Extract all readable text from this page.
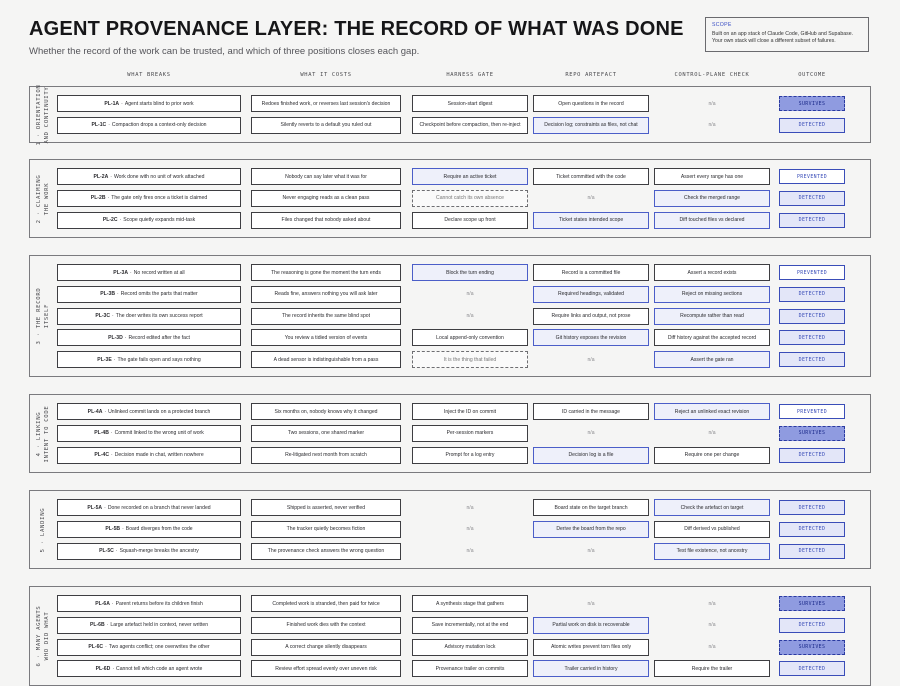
AGENT PROVENANCE LAYER: THE RECORD OF WHAT WAS DONE
Whether the record of the work can be trusted, and which of three positions closes each gap.
SCOPE
Built on an app stack of Claude Code, GitHub and Supabase.
Your own stack will close a different subset of failures.
WHAT BREAKS	WHAT IT COSTS	HARNESS GATE	REPO ARTEFACT	CONTROL-PLANE CHECK	OUTCOME
1 · ORIENTATION
AND CONTINUITY
2 · CLAIMING
THE WORK
3 · THE RECORD
ITSELF
4 · LINKING
INTENT TO CODE
5 · LANDING
6 · MANY AGENTS
WHO DID WHAT
PL-1A · Agent starts blind to prior work	Redoes finished work, or reverses last session's decision	Session-start digest	Open questions in the record	n/a	SURVIVES
PL-1C · Compaction drops a context-only decision	Silently reverts to a default you ruled out	Checkpoint before compaction, then re-inject	Decision log; constraints as files, not chat	n/a	DETECTED
PL-2A · Work done with no unit of work attached	Nobody can say later what it was for	Require an active ticket	Ticket committed with the code	Assert every range has one	PREVENTED
PL-2B · The gate only fires once a ticket is claimed	Never engaging reads as a clean pass	Cannot catch its own absence	n/a	Check the merged range	DETECTED
PL-2C · Scope quietly expands mid-task	Files changed that nobody asked about	Declare scope up front	Ticket states intended scope	Diff touched files vs declared	DETECTED
PL-3A · No record written at all	The reasoning is gone the moment the turn ends	Block the turn ending	Record is a committed file	Assert a record exists	PREVENTED
PL-3B · Record omits the parts that matter	Reads fine, answers nothing you will ask later	n/a	Required headings, validated	Reject on missing sections	DETECTED
PL-3C · The doer writes its own success report	The record inherits the same blind spot	n/a	Require links and output, not prose	Recompute rather than read	DETECTED
PL-3D · Record edited after the fact	You review a tidied version of events	Local append-only convention	Git history exposes the revision	Diff history against the accepted record	DETECTED
PL-3E · The gate fails open and says nothing	A dead sensor is indistinguishable from a pass	It is the thing that failed	n/a	Assert the gate ran	DETECTED
PL-4A · Unlinked commit lands on a protected branch	Six months on, nobody knows why it changed	Inject the ID on commit	ID carried in the message	Reject an unlinked exact revision	PREVENTED
PL-4B · Commit linked to the wrong unit of work	Two sessions, one shared marker	Per-session markers	n/a	n/a	SURVIVES
PL-4C · Decision made in chat, written nowhere	Re-litigated next month from scratch	Prompt for a log entry	Decision log is a file	Require one per change	DETECTED
PL-5A · Done recorded on a branch that never landed	Shipped is asserted, never verified	n/a	Board state on the target branch	Check the artefact on target	DETECTED
PL-5B · Board diverges from the code	The tracker quietly becomes fiction	n/a	Derive the board from the repo	Diff derived vs published	DETECTED
PL-5C · Squash-merge breaks the ancestry	The provenance check answers the wrong question	n/a	n/a	Test file existence, not ancestry	DETECTED
PL-6A · Parent returns before its children finish	Completed work is stranded, then paid for twice	A synthesis stage that gathers	n/a	n/a	SURVIVES
PL-6B · Large artefact held in context, never written	Finished work dies with the context	Save incrementally, not at the end	Partial work on disk is recoverable	n/a	DETECTED
PL-6C · Two agents conflict; one overwrites the other	A correct change silently disappears	Advisory mutation lock	Atomic writes prevent torn files only	n/a	SURVIVES
PL-6D · Cannot tell which code an agent wrote	Review effort spread evenly over uneven risk	Provenance trailer on commits	Trailer carried in history	Require the trailer	DETECTED
